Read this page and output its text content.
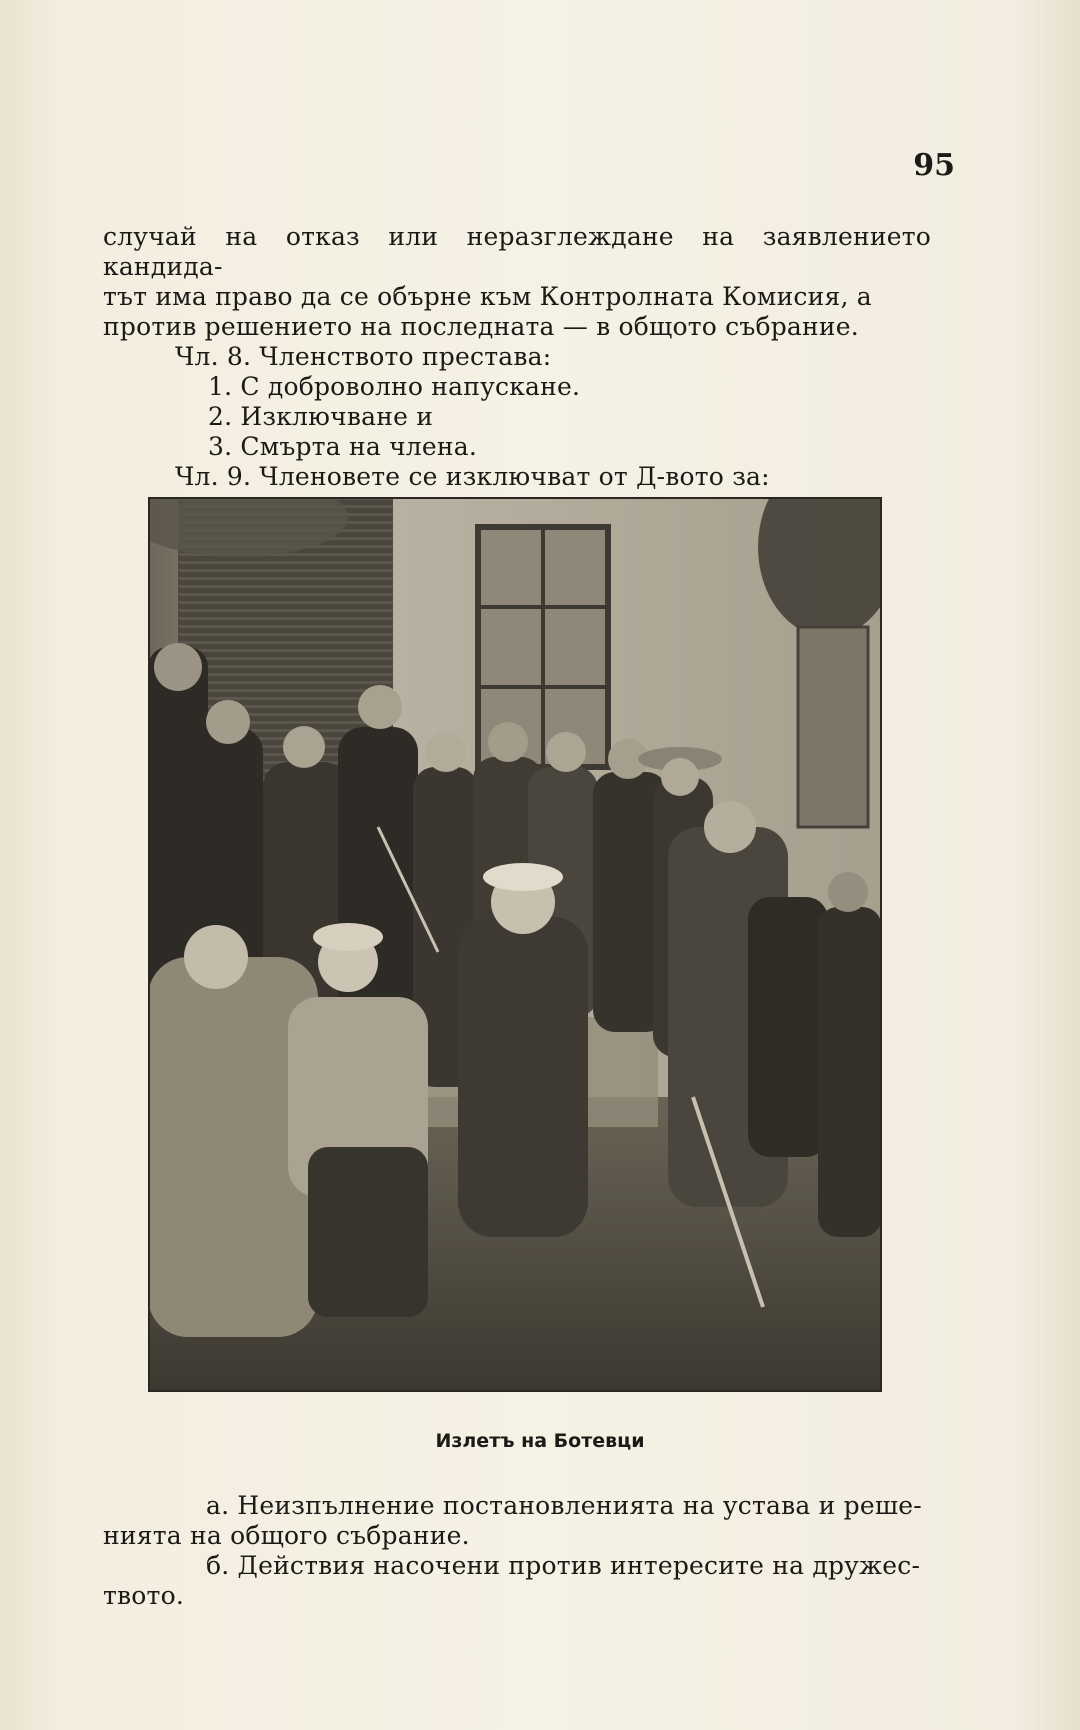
95
случай на отказ или неразглеждане на заявлението кандида-
тът има право да се обърне към Контролната Комисия, а
против решението на последната — в общото събрание.
Чл. 8. Членството престава:
1. С доброволно напускане.
2. Изключване и
3. Смърта на члена.
Чл. 9. Членовете се изключват от Д-вото за:
Излетъ на Ботевци
а. Неизпълнение постановленията на устава и реше-
нията на общого събрание.
б. Действия насочени против интересите на дружес-
твото.
